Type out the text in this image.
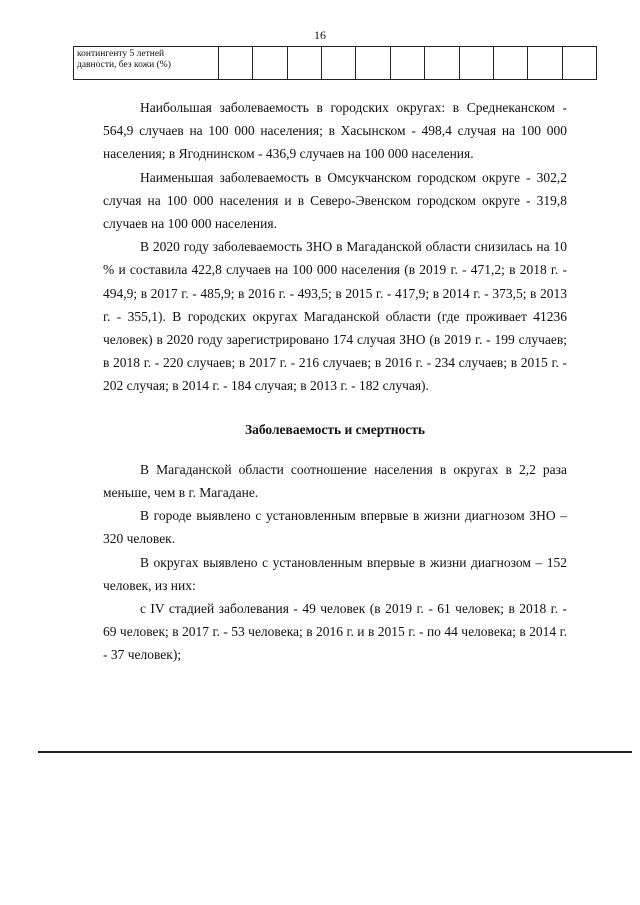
16
контингенту 5 летней
давности, без кожи (%)											

Наибольшая заболеваемость в городских округах: в Среднеканском - 564,9 случаев на 100 000 населения; в Хасынском - 498,4 случая на 100 000 населения; в Ягоднинском - 436,9 случаев на 100 000 населения.

Наименьшая заболеваемость в Омсукчанском городском округе - 302,2 случая на 100 000 населения и в Северо-Эвенском городском округе - 319,8 случаев на 100 000 населения.

В 2020 году заболеваемость ЗНО в Магаданской области снизилась на 10 % и составила 422,8 случаев на 100 000 населения (в 2019 г. - 471,2; в 2018 г. - 494,9; в 2017 г. - 485,9; в 2016 г. - 493,5; в 2015 г. - 417,9; в 2014 г. - 373,5; в 2013 г. - 355,1). В городских округах Магаданской области (где проживает 41236 человек) в 2020 году зарегистрировано 174 случая ЗНО (в 2019 г. - 199 случаев; в 2018 г. - 220 случаев; в 2017 г. - 216 случаев; в 2016 г. - 234 случаев; в 2015 г. - 202 случая; в 2014 г. - 184 случая; в 2013 г. - 182 случая).

Заболеваемость и смертность

В Магаданской области соотношение населения в округах в 2,2 раза меньше, чем в г. Магадане.

В городе выявлено с установленным впервые в жизни диагнозом ЗНО – 320 человек.

В округах выявлено с установленным впервые в жизни диагнозом – 152 человек, из них:

с IV стадией заболевания - 49 человек (в 2019 г. - 61 человек; в 2018 г. - 69 человек; в 2017 г. - 53 человека; в 2016 г. и в 2015 г. - по 44 человека; в 2014 г. - 37 человек);
